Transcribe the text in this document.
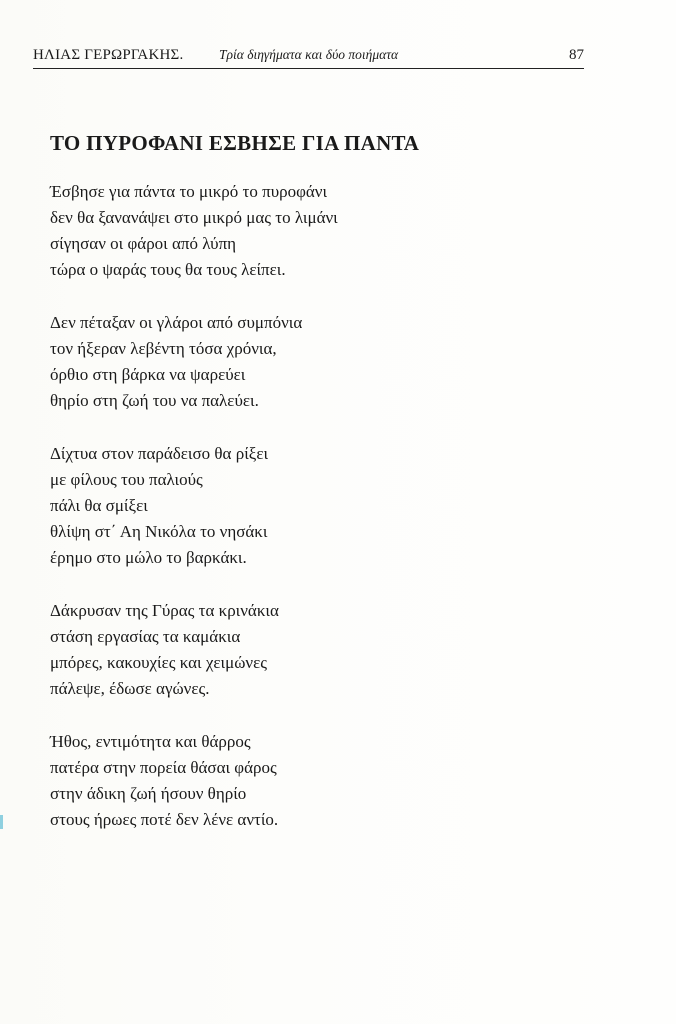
ΗΛΙΑΣ ΓΕΡΩΡΓΑΚΗΣ.	Τρία διηγήματα και δύο ποιήματα	87
ΤΟ ΠΥΡΟΦΑΝΙ ΕΣΒΗΣΕ ΓΙΑ ΠΑΝΤΑ
Έσβησε για πάντα το μικρό το πυροφάνι
δεν θα ξανανάψει στο μικρό μας το λιμάνι
σίγησαν οι φάροι από λύπη
τώρα ο ψαράς τους θα τους λείπει.
Δεν πέταξαν οι γλάροι από συμπόνια
τον ήξεραν λεβέντη τόσα χρόνια,
όρθιο στη βάρκα να ψαρεύει
θηρίο στη ζωή του να παλεύει.
Δίχτυα στον παράδεισο θα ρίξει
με φίλους του παλιούς
πάλι θα σμίξει
θλίψη στ΄ Αη Νικόλα το νησάκι
έρημο στο μώλο το βαρκάκι.
Δάκρυσαν της Γύρας τα κρινάκια
στάση εργασίας τα καμάκια
μπόρες, κακουχίες και χειμώνες
πάλεψε, έδωσε αγώνες.
Ήθος, εντιμότητα και θάρρος
πατέρα στην πορεία θάσαι φάρος
στην άδικη ζωή ήσουν θηρίο
στους ήρωες ποτέ δεν λένε αντίο.
